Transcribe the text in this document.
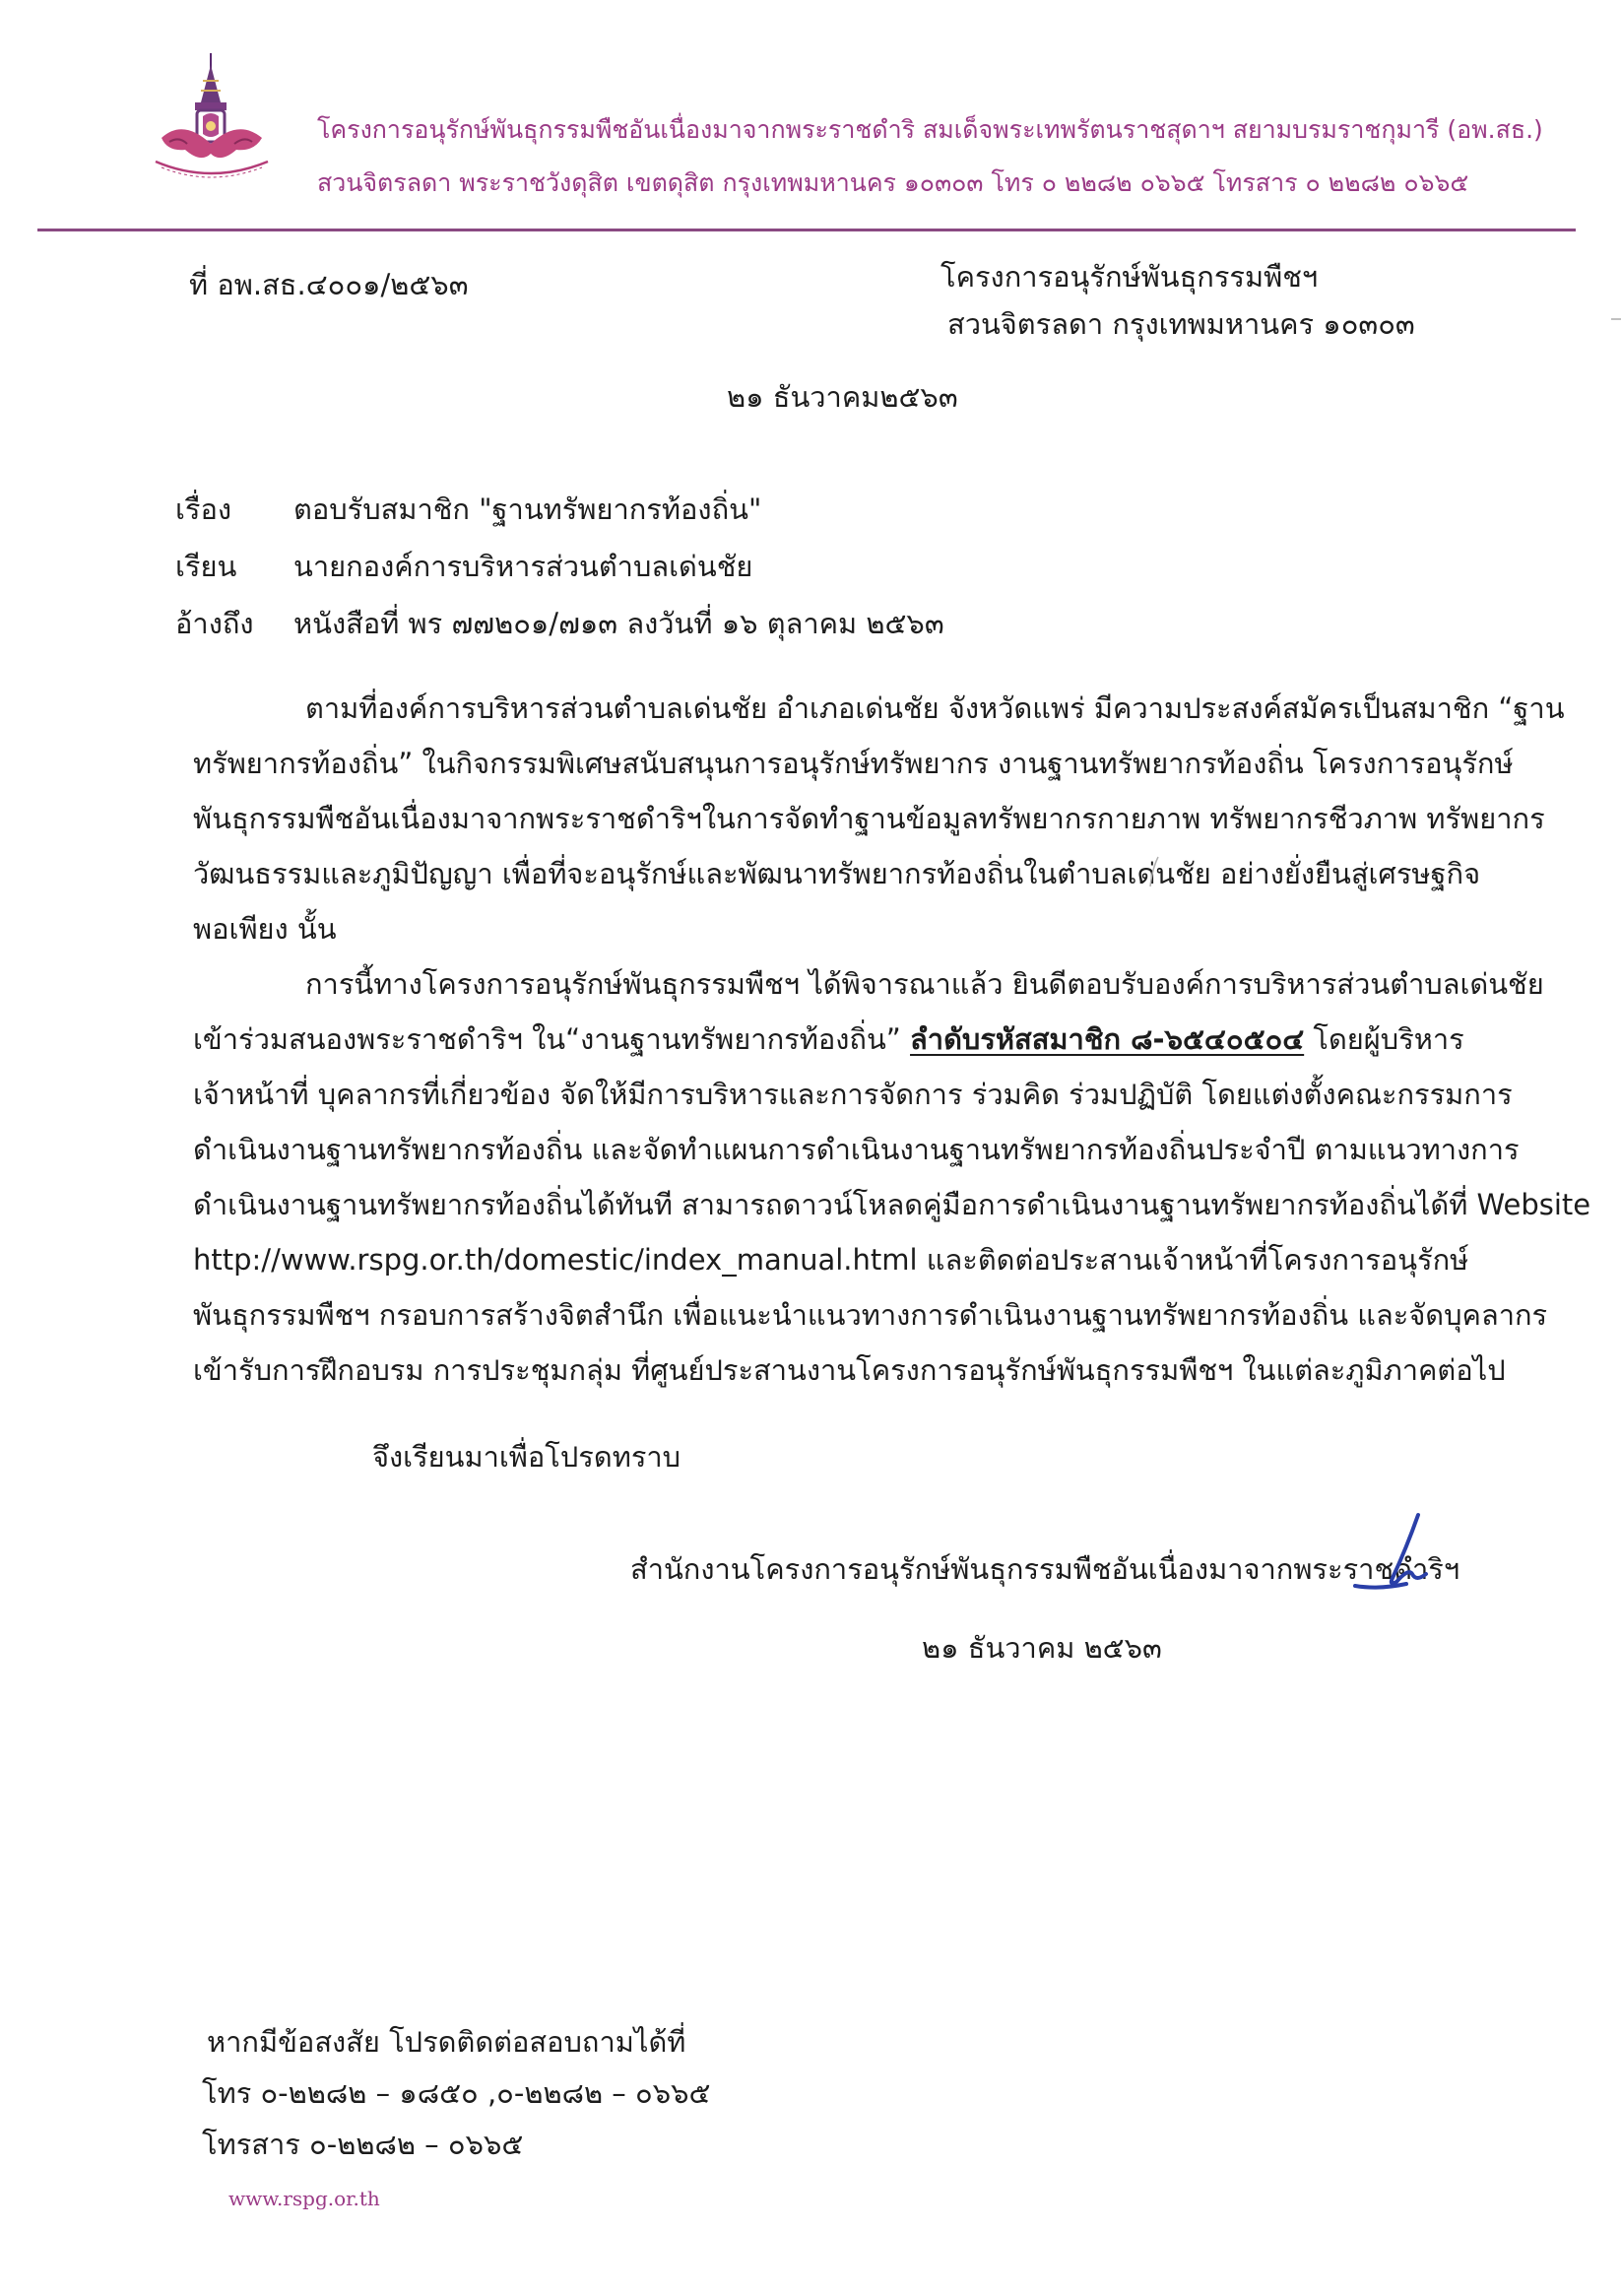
โครงการอนุรักษ์พันธุกรรมพืชอันเนื่องมาจากพระราชดำริ สมเด็จพระเทพรัตนราชสุดาฯ สยามบรมราชกุมารี (อพ.สธ.)
สวนจิตรลดา พระราชวังดุสิต เขตดุสิต กรุงเทพมหานคร ๑๐๓๐๓ โทร ๐ ๒๒๘๒ ๐๖๖๕ โทรสาร ๐ ๒๒๘๒ ๐๖๖๕
ที่ อพ.สธ.๔๐๐๑/๒๕๖๓	โครงการอนุรักษ์พันธุกรรมพืชฯ
สวนจิตรลดา กรุงเทพมหานคร ๑๐๓๐๓
๒๑ ธันวาคม๒๕๖๓
เรื่อง ตอบรับสมาชิก "ฐานทรัพยากรท้องถิ่น"
เรียน นายกองค์การบริหารส่วนตำบลเด่นชัย
อ้างถึง หนังสือที่ พร ๗๗๒๐๑/๗๑๓ ลงวันที่ ๑๖ ตุลาคม ๒๕๖๓
ตามที่องค์การบริหารส่วนตำบลเด่นชัย อำเภอเด่นชัย จังหวัดแพร่ มีความประสงค์สมัครเป็นสมาชิก “ฐาน
ทรัพยากรท้องถิ่น” ในกิจกรรมพิเศษสนับสนุนการอนุรักษ์ทรัพยากร งานฐานทรัพยากรท้องถิ่น โครงการอนุรักษ์
พันธุกรรมพืชอันเนื่องมาจากพระราชดำริฯในการจัดทำฐานข้อมูลทรัพยากรกายภาพ ทรัพยากรชีวภาพ ทรัพยากร
วัฒนธรรมและภูมิปัญญา เพื่อที่จะอนุรักษ์และพัฒนาทรัพยากรท้องถิ่นในตำบลเด่นชัย อย่างยั่งยืนสู่เศรษฐกิจ
พอเพียง นั้น
การนี้ทางโครงการอนุรักษ์พันธุกรรมพืชฯ ได้พิจารณาแล้ว ยินดีตอบรับองค์การบริหารส่วนตำบลเด่นชัย
เข้าร่วมสนองพระราชดำริฯ ใน“งานฐานทรัพยากรท้องถิ่น” ลำดับรหัสสมาชิก ๘-๖๕๔๐๕๐๔ โดยผู้บริหาร
เจ้าหน้าที่ บุคลากรที่เกี่ยวข้อง จัดให้มีการบริหารและการจัดการ ร่วมคิด ร่วมปฏิบัติ โดยแต่งตั้งคณะกรรมการ
ดำเนินงานฐานทรัพยากรท้องถิ่น และจัดทำแผนการดำเนินงานฐานทรัพยากรท้องถิ่นประจำปี ตามแนวทางการ
ดำเนินงานฐานทรัพยากรท้องถิ่นได้ทันที สามารถดาวน์โหลดคู่มือการดำเนินงานฐานทรัพยากรท้องถิ่นได้ที่ Website
http://www.rspg.or.th/domestic/index_manual.html และติดต่อประสานเจ้าหน้าที่โครงการอนุรักษ์
พันธุกรรมพืชฯ กรอบการสร้างจิตสำนึก เพื่อแนะนำแนวทางการดำเนินงานฐานทรัพยากรท้องถิ่น และจัดบุคลากร
เข้ารับการฝึกอบรม การประชุมกลุ่ม ที่ศูนย์ประสานงานโครงการอนุรักษ์พันธุกรรมพืชฯ ในแต่ละภูมิภาคต่อไป
จึงเรียนมาเพื่อโปรดทราบ
สำนักงานโครงการอนุรักษ์พันธุกรรมพืชอันเนื่องมาจากพระราชดำริฯ
๒๑ ธันวาคม ๒๕๖๓
หากมีข้อสงสัย โปรดติดต่อสอบถามได้ที่
โทร ๐-๒๒๘๒ – ๑๘๕๐ ,๐-๒๒๘๒ – ๐๖๖๕
โทรสาร ๐-๒๒๘๒ – ๐๖๖๕
www.rspg.or.th
